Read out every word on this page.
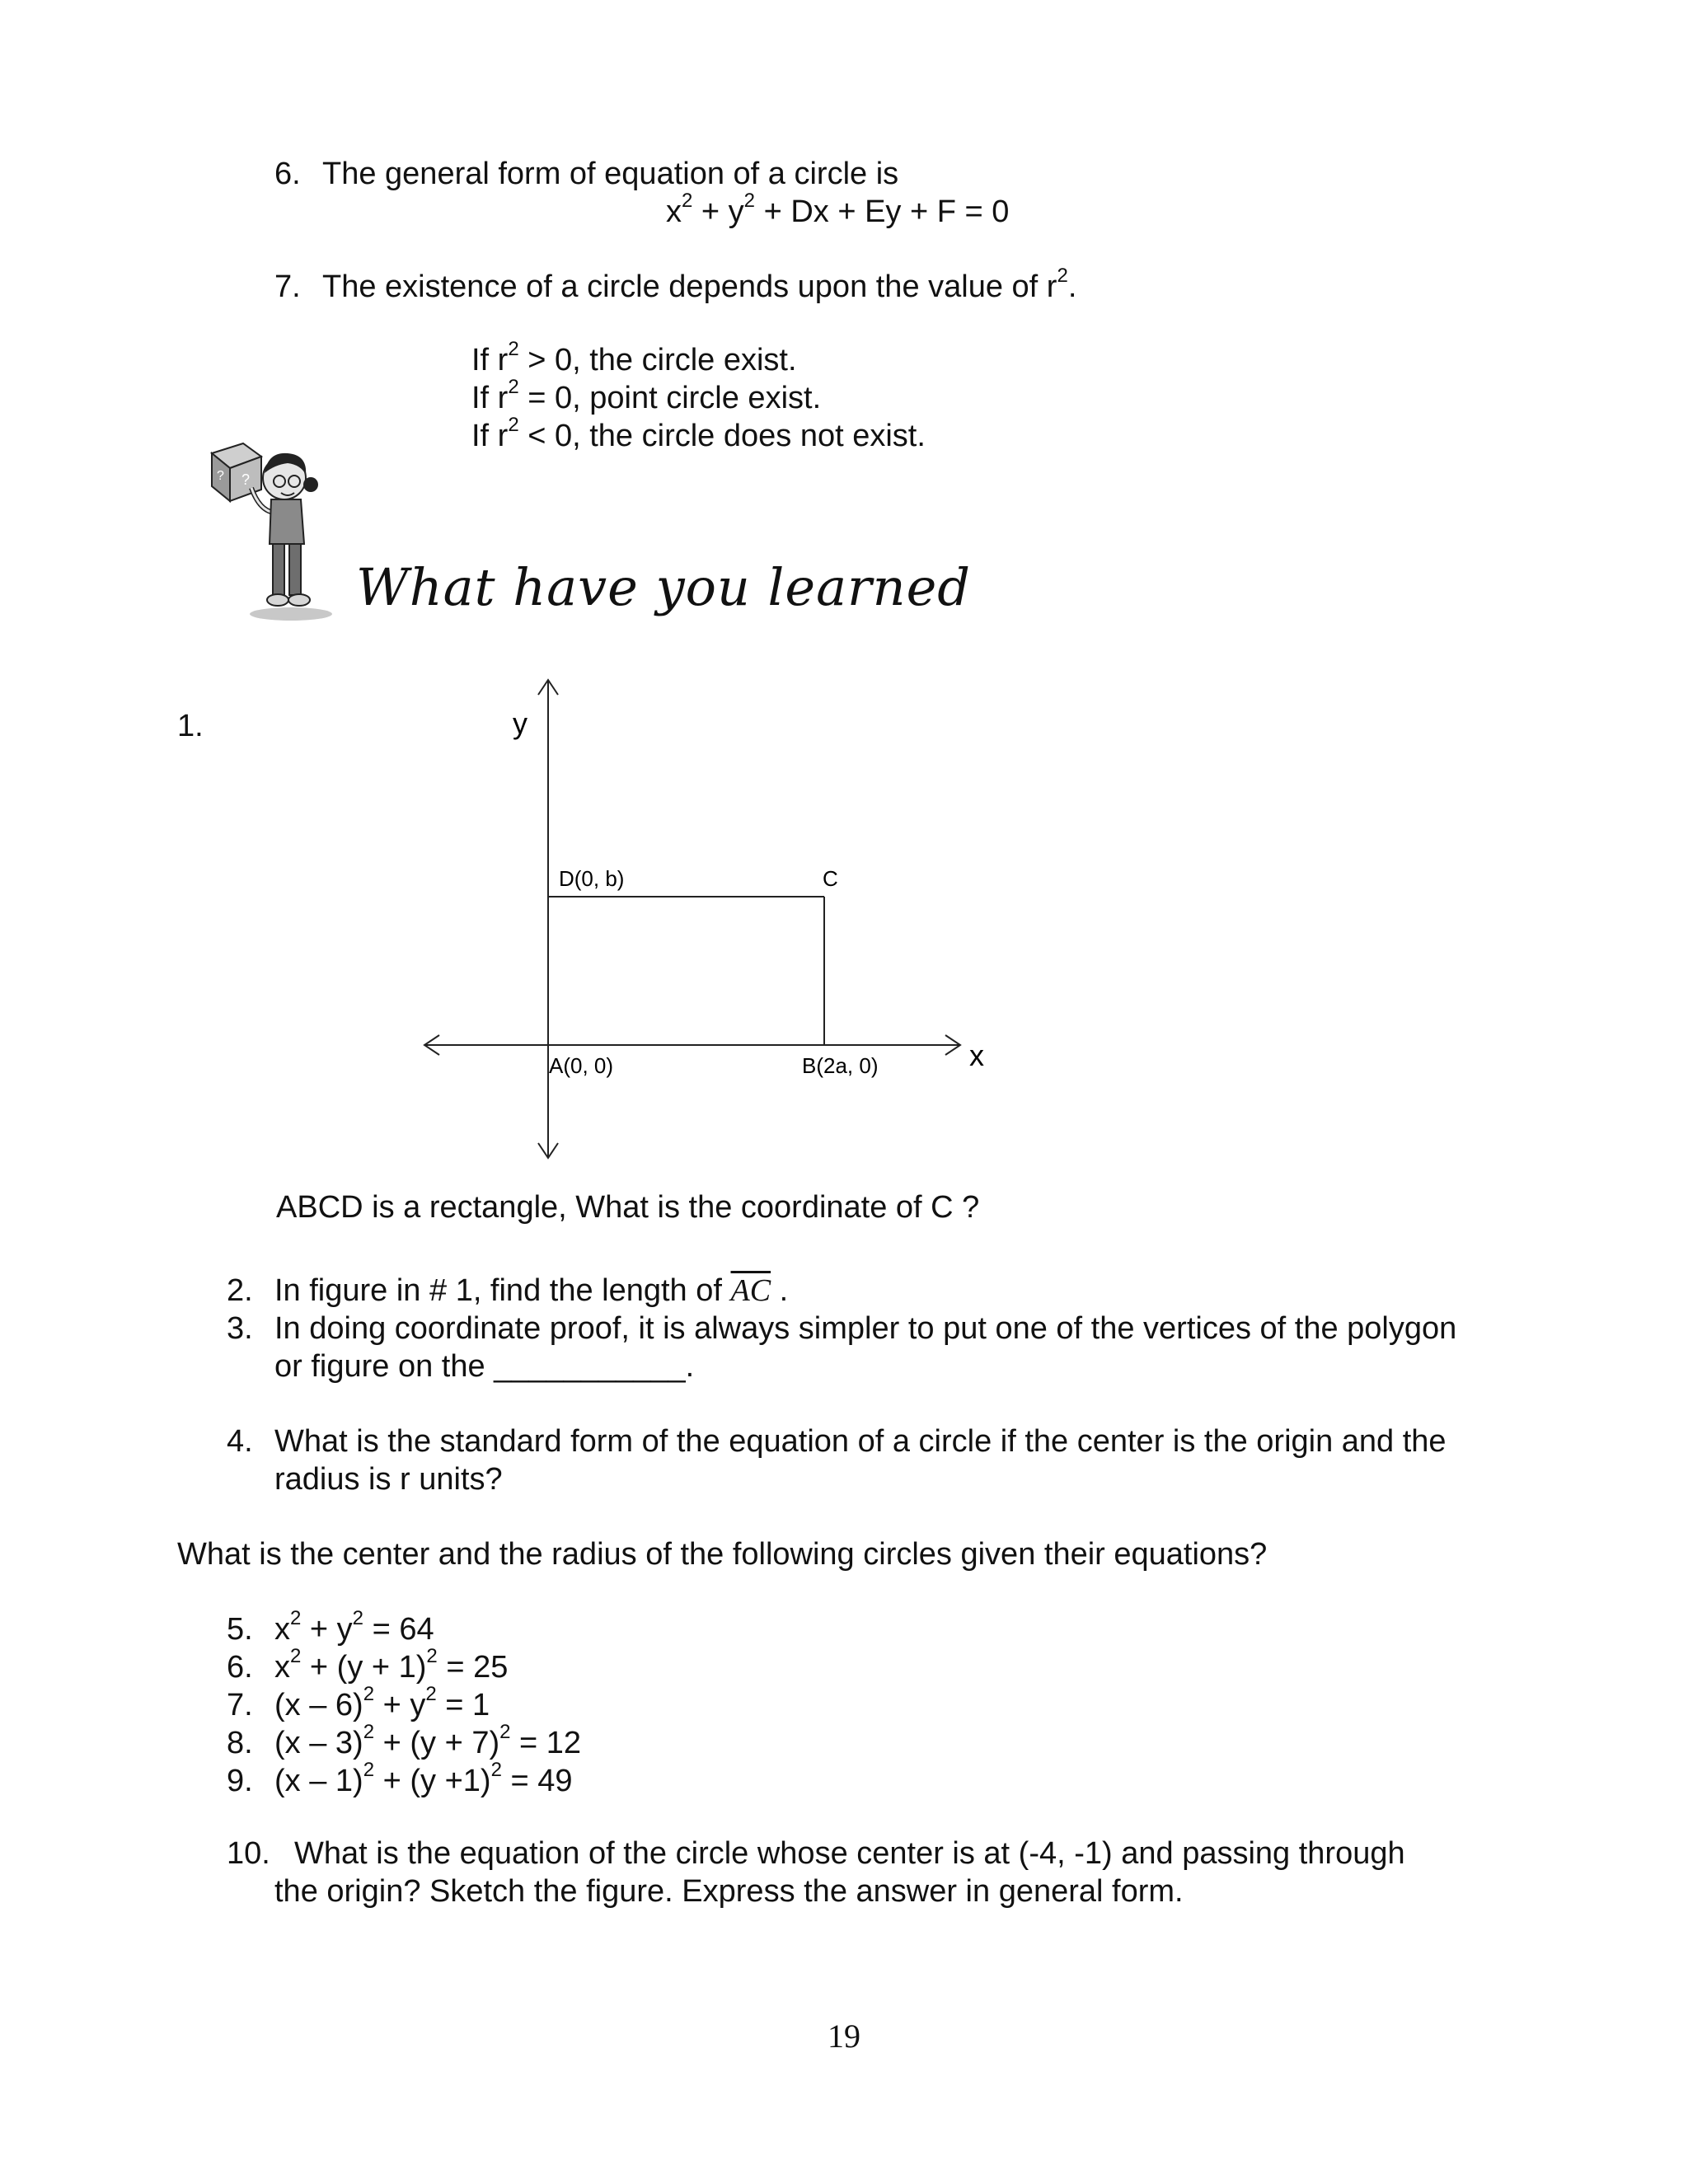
6. The general form of equation of a circle is
$x^2 + y^2 + Dx + Ey + F = 0$
7. The existence of a circle depends upon the value of $r^2$.
If $r^2 > 0$, the circle exist.
If $r^2 = 0$, point circle exist.
If $r^2 < 0$, the circle does not exist.
? ?
What have you learned
1.	y
x
D(0, b)	C
A(0, 0)	B(2a, 0)
ABCD is a rectangle, What is the coordinate of C ?
2. In figure in # 1, find the length of $\overline{AC}$ .
3. In doing coordinate proof, it is always simpler to put one of the vertices of the polygon
or figure on the ___________.
4. What is the standard form of the equation of a circle if the center is the origin and the
radius is r units?
What is the center and the radius of the following circles given their equations?
5. $x^2 + y^2 = 64$
6. $x^2 + (y + 1)^2 = 25$
7. $(x - 6)^2 + y^2 = 1$
8. $(x - 3)^2 + (y + 7)^2 = 12$
9. $(x - 1)^2 + (y +1)^2 = 49$
10. What is the equation of the circle whose center is at (-4, -1) and passing through
the origin? Sketch the figure. Express the answer in general form.
19
